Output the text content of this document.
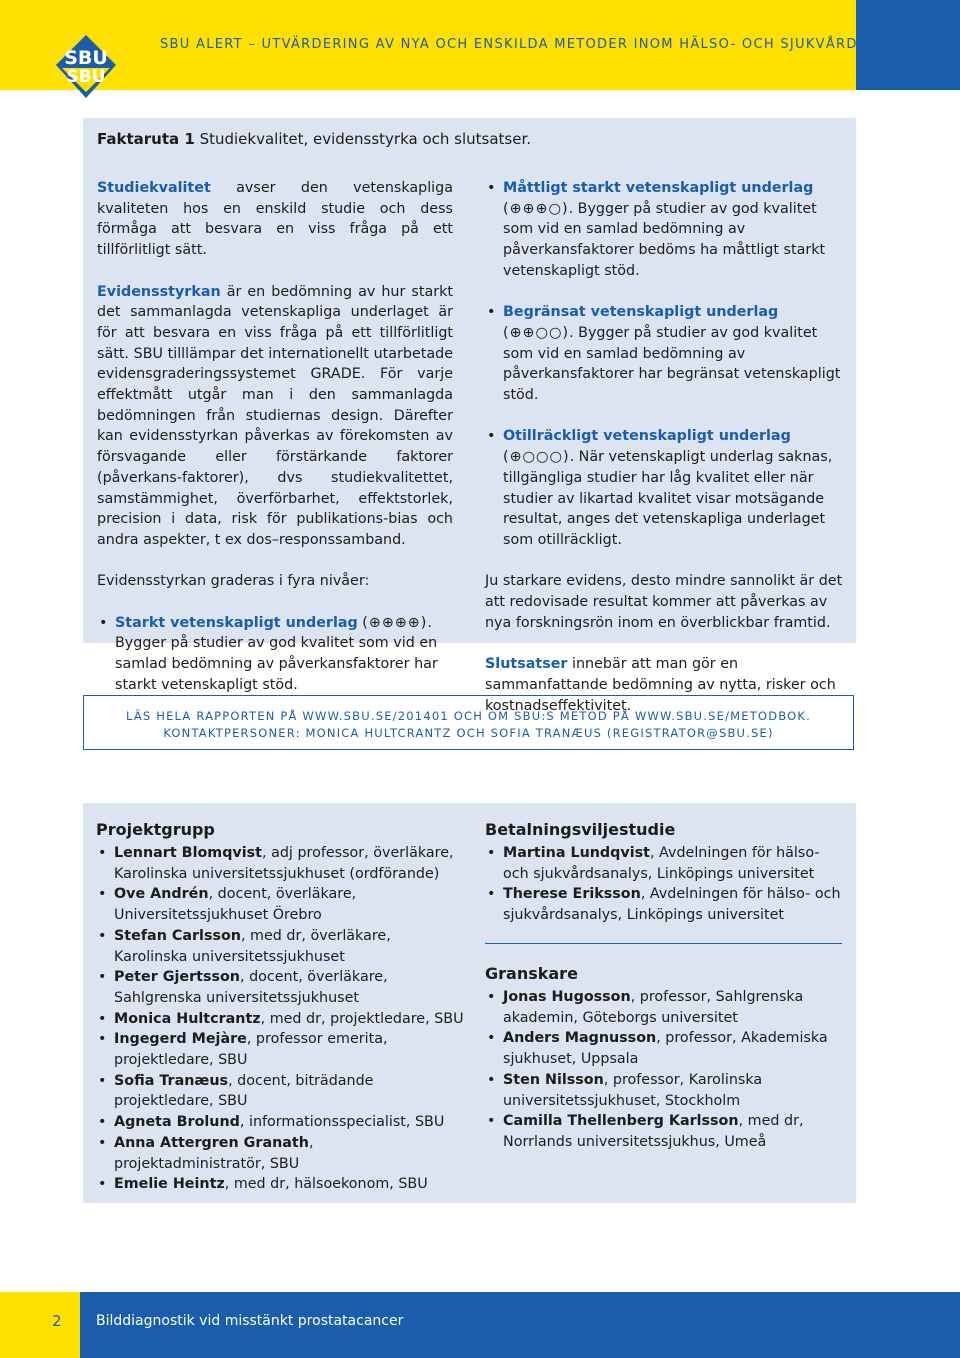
SBU
SBU
SBU ALERT – UTVÄRDERING AV NYA OCH ENSKILDA METODER INOM HÄLSO- OCH SJUKVÅRDEN
Faktaruta 1 Studiekvalitet, evidensstyrka och slutsatser.

Studiekvalitet avser den vetenskapliga kvaliteten hos en enskild studie och dess förmåga att besvara en viss fråga på ett tillförlitligt sätt.

Evidensstyrkan är en bedömning av hur starkt det sammanlagda vetenskapliga underlaget är för att besvara en viss fråga på ett tillförlitligt sätt. SBU tilllämpar det internationellt utarbetade evidensgraderingssystemet GRADE. För varje effektmått utgår man i den sammanlagda bedömningen från studiernas design. Därefter kan evidensstyrkan påverkas av förekomsten av försvagande eller förstärkande faktorer (påverkans-faktorer), dvs studiekvalitettet, samstämmighet, överförbarhet, effektstorlek, precision i data, risk för publikations-bias och andra aspekter, t ex dos–responssamband.

Evidensstyrkan graderas i fyra nivåer:

• Starkt vetenskapligt underlag (⊕⊕⊕⊕). Bygger på studier av god kvalitet som vid en samlad bedömning av påverkansfaktorer har starkt vetenskapligt stöd.
• Måttligt starkt vetenskapligt underlag (⊕⊕⊕○). Bygger på studier av god kvalitet som vid en samlad bedömning av påverkansfaktorer bedöms ha måttligt starkt vetenskapligt stöd.
• Begränsat vetenskapligt underlag (⊕⊕○○). Bygger på studier av god kvalitet som vid en samlad bedömning av påverkansfaktorer har begränsat vetenskapligt stöd.
• Otillräckligt vetenskapligt underlag (⊕○○○). När vetenskapligt underlag saknas, tillgängliga studier har låg kvalitet eller när studier av likartad kvalitet visar motsägande resultat, anges det vetenskapliga underlaget som otillräckligt.

Ju starkare evidens, desto mindre sannolikt är det att redovisade resultat kommer att påverkas av nya forskningsrön inom en överblickbar framtid.

Slutsatser innebär att man gör en sammanfattande bedömning av nytta, risker och kostnadseffektivitet.

LÄS HELA RAPPORTEN PÅ WWW.SBU.SE/201401 OCH OM SBU:S METOD PÅ WWW.SBU.SE/METODBOK.
KONTAKTPERSONER: MONICA HULTCRANTZ OCH SOFIA TRANÆUS (REGISTRATOR@SBU.SE)
Projektgrupp
• Lennart Blomqvist, adj professor, överläkare, Karolinska universitetssjukhuset (ordförande)
• Ove Andrén, docent, överläkare, Universitetssjukhuset Örebro
• Stefan Carlsson, med dr, överläkare, Karolinska universitetssjukhuset
• Peter Gjertsson, docent, överläkare, Sahlgrenska universitetssjukhuset
• Monica Hultcrantz, med dr, projektledare, SBU
• Ingegerd Mejàre, professor emerita, projektledare, SBU
• Sofia Tranæus, docent, biträdande projektledare, SBU
• Agneta Brolund, informationsspecialist, SBU
• Anna Attergren Granath, projektadministratör, SBU
• Emelie Heintz, med dr, hälsoekonom, SBU
Betalningsviljestudie
• Martina Lundqvist, Avdelningen för hälso- och sjukvårdsanalys, Linköpings universitet
• Therese Eriksson, Avdelningen för hälso- och sjukvårdsanalys, Linköpings universitet
Granskare
• Jonas Hugosson, professor, Sahlgrenska akademin, Göteborgs universitet
• Anders Magnusson, professor, Akademiska sjukhuset, Uppsala
• Sten Nilsson, professor, Karolinska universitetssjukhuset, Stockholm
• Camilla Thellenberg Karlsson, med dr, Norrlands universitetssjukhus, Umeå
2 Bilddiagnostik vid misstänkt prostatacancer
